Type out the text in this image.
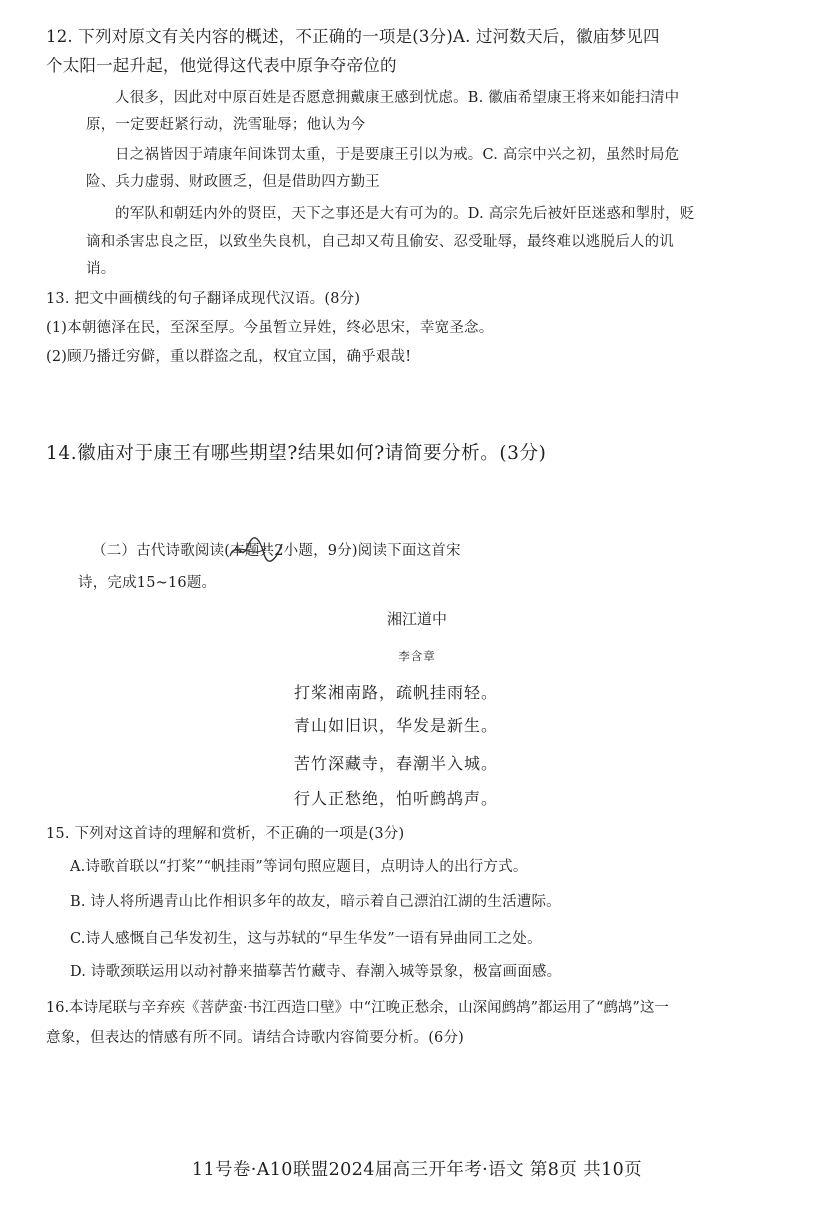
12. 下列对原文有关内容的概述，不正确的一项是(3分)A. 过河数天后，徽庙梦见四
个太阳一起升起，他觉得这代表中原争夺帝位的
人很多，因此对中原百姓是否愿意拥戴康王感到忧虑。B. 徽庙希望康王将来如能扫清中
原，一定要赶紧行动，洗雪耻辱；他认为今
日之祸皆因于靖康年间诛罚太重，于是要康王引以为戒。C. 高宗中兴之初，虽然时局危
险、兵力虚弱、财政匮乏，但是借助四方勤王
的军队和朝廷内外的贤臣，天下之事还是大有可为的。D. 高宗先后被奸臣迷惑和掣肘，贬
谪和杀害忠良之臣，以致坐失良机，自己却又苟且偷安、忍受耻辱，最终难以逃脱后人的讥
诮。
13. 把文中画横线的句子翻译成现代汉语。(8分)
(1)本朝德泽在民，至深至厚。今虽暂立异姓，终必思宋，幸宽圣念。
(2)顾乃播迁穷僻，重以群盗之乱，权宜立国，确乎艰哉!
14.徽庙对于康王有哪些期望?结果如何?请简要分析。(3分)
（二）古代诗歌阅读(本题共2小题，9分)阅读下面这首宋
诗，完成15~16题。
湘江道中
李含章
打桨湘南路，疏帆挂雨轻。
青山如旧识，华发是新生。
苦竹深藏寺，春潮半入城。
行人正愁绝，怕听鹧鸪声。
15. 下列对这首诗的理解和赏析，不正确的一项是(3分)
A.诗歌首联以“打桨”“帆挂雨”等词句照应题目，点明诗人的出行方式。
B. 诗人将所遇青山比作相识多年的故友，暗示着自己漂泊江湖的生活遭际。
C.诗人感慨自己华发初生，这与苏轼的“早生华发”一语有异曲同工之处。
D. 诗歌颈联运用以动衬静来描摹苦竹藏寺、春潮入城等景象，极富画面感。
16.本诗尾联与辛弃疾《菩萨蛮·书江西造口壁》中“江晚正愁余，山深闻鹧鸪”都运用了“鹧鸪”这一
意象，但表达的情感有所不同。请结合诗歌内容简要分析。(6分)
11号卷·A10联盟2024届高三开年考·语文 第8页 共10页
